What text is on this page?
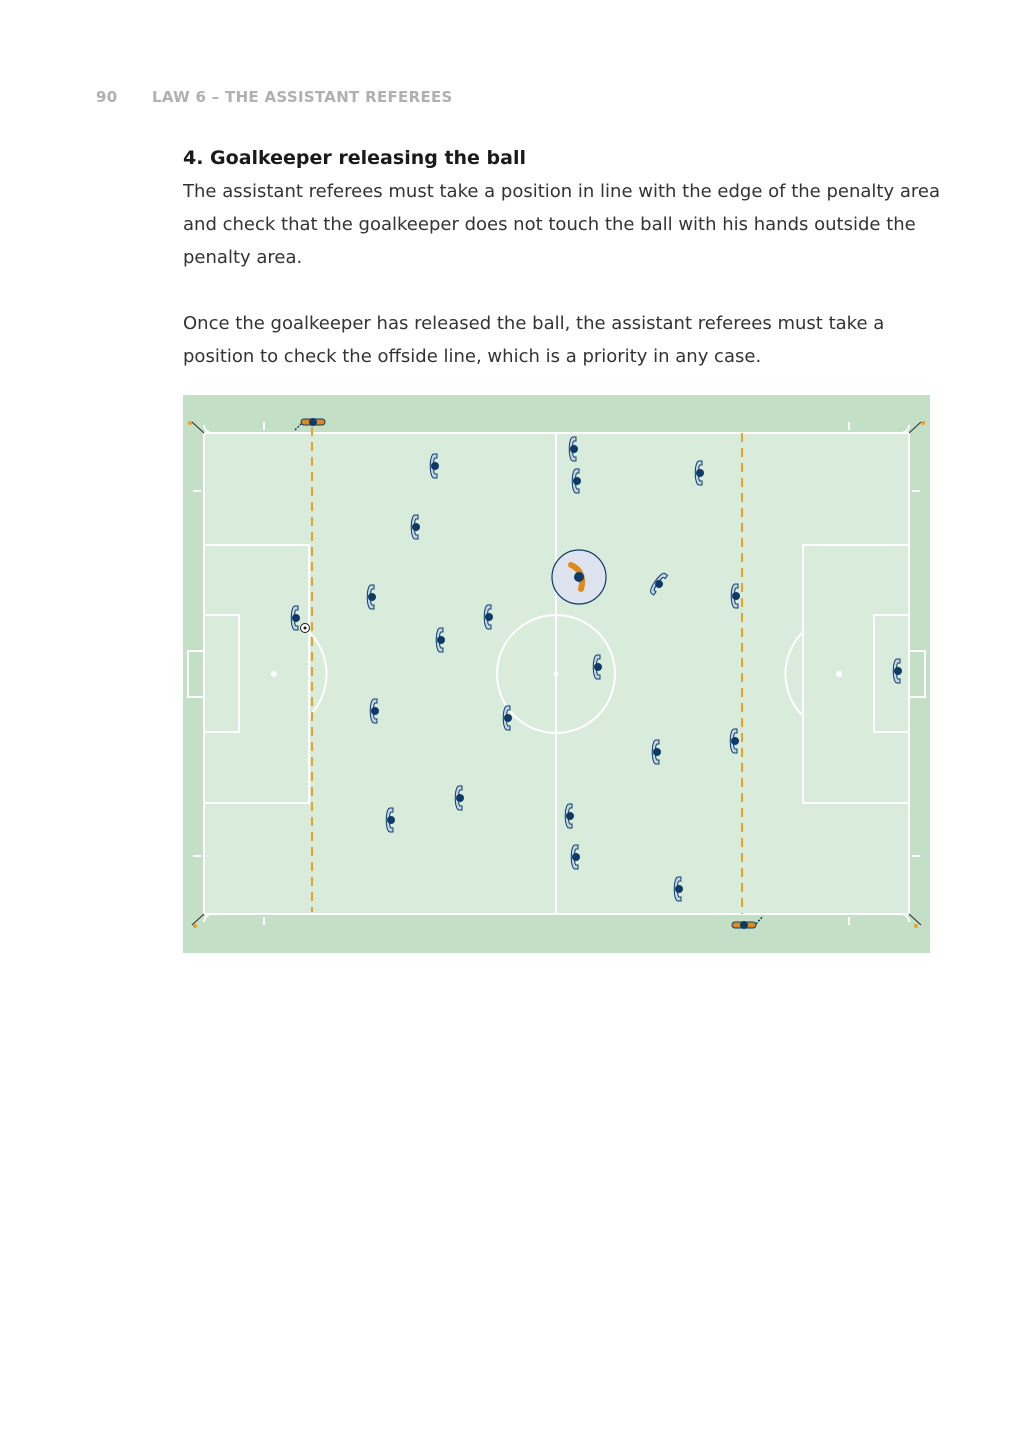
90 LAW 6 – THE ASSISTANT REFEREES
4. Goalkeeper releasing the ball

The assistant referees must take a position in line with the edge of the penalty area and check that the goalkeeper does not touch the ball with his hands outside the penalty area.

Once the goalkeeper has released the ball, the assistant referees must take a position to check the offside line, which is a priority in any case.
